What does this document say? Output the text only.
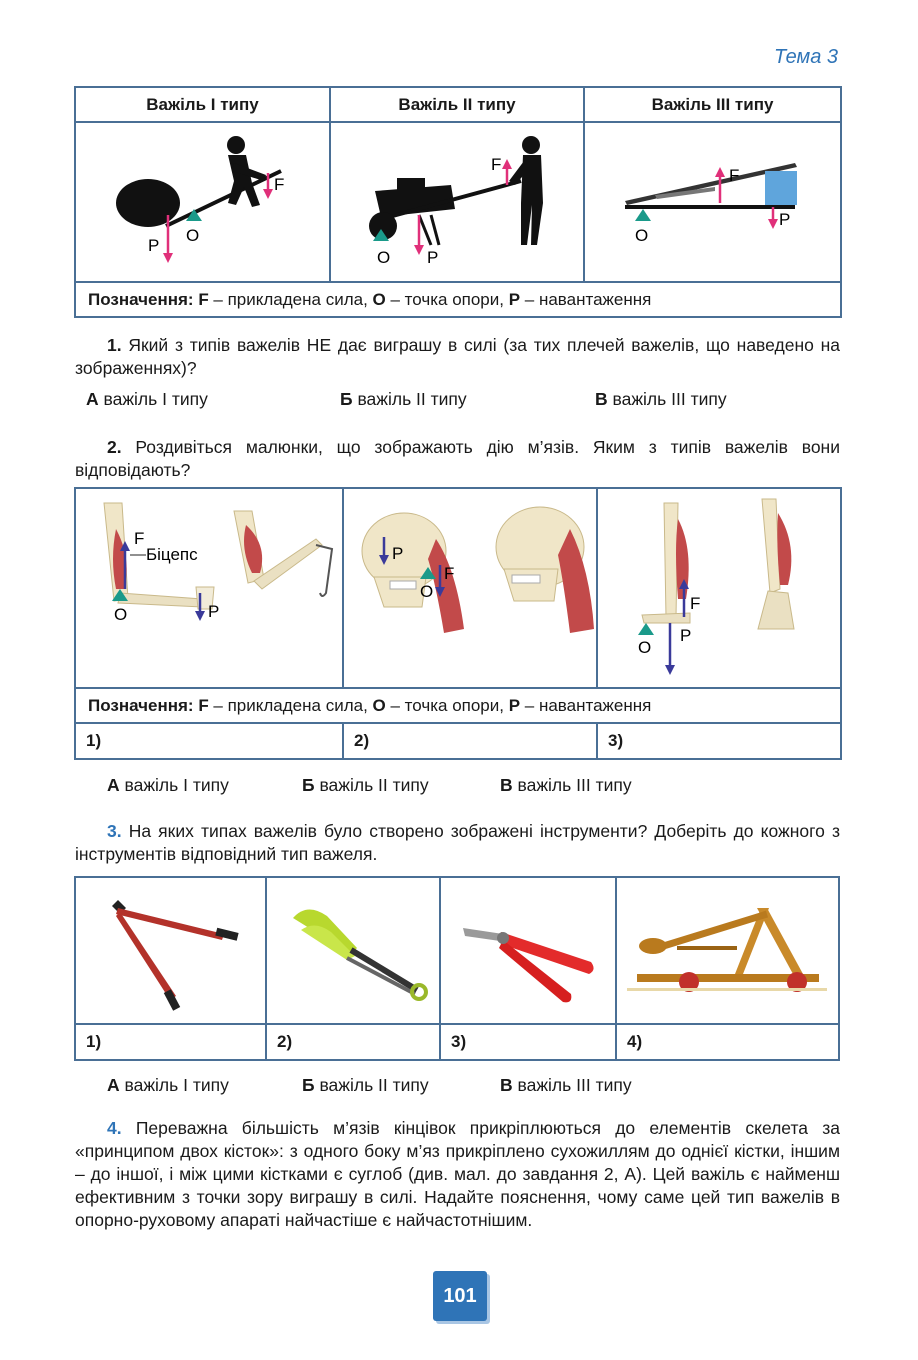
Тема 3
Важіль I типу	Важіль II типу	Важіль III типу

F
O
P	F
O P	F
P
O

Позначення: F – прикладена сила, O – точка опори, P – навантаження		
1. Який з типів важелів НЕ дає виграшу в силі (за тих плечей важелів, що наведено на зображеннях)?
А важіль I типу	Б важіль II типу	В важіль III типу
2. Роздивіться малюнки, що зображають дію м’язів. Яким з типів важелів вони відповідають?
F
Біцепс
P
O	P
F
O	F
P
O

Позначення: F – прикладена сила, O – точка опори, P – навантаження		
1)	2)	3)
А важіль I типу	Б важіль II типу	В важіль III типу
3. На яких типах важелів було створено зображені інструменти? Доберіть до кожного з інструментів відповідний тип важеля.

1)	2)	3)	4)
А важіль I типу	Б важіль II типу	В важіль III типу
4. Переважна більшість м’язів кінцівок прикріплюються до елементів скелета за «принципом двох кісток»: з одного боку м’яз прикріплено сухожиллям до однієї кістки, іншим – до іншої, і між цими кістками є суглоб (див. мал. до завдання 2, А). Цей важіль є найменш ефективним з точки зору виграшу в силі. Надайте пояснення, чому саме цей тип важелів в опорно-руховому апараті найчастіше є найчастотнішим.
101
